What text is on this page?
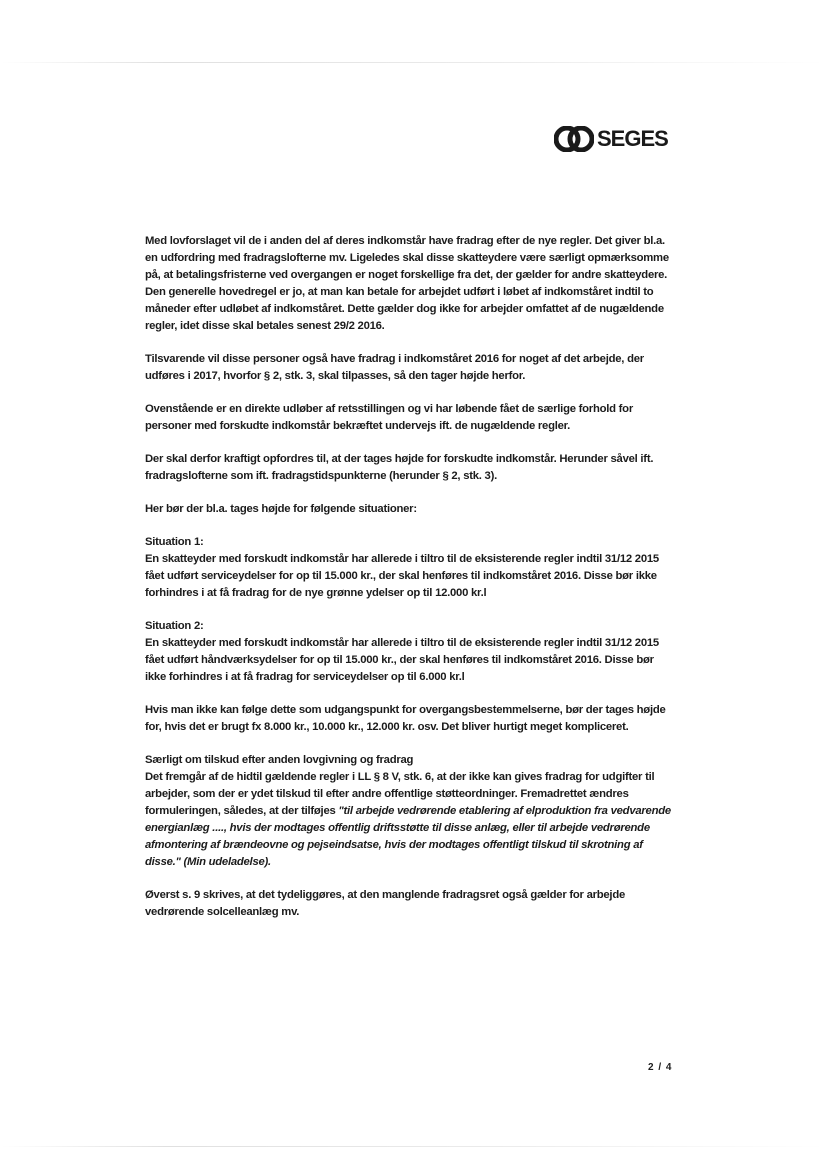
SEGES

Med lovforslaget vil de i anden del af deres indkomstår have fradrag efter de nye regler. Det giver bl.a. en udfordring med fradragslofterne mv. Ligeledes skal disse skatteydere være særligt opmærksomme på, at betalingsfristerne ved overgangen er noget forskellige fra det, der gælder for andre skatteydere. Den generelle hovedregel er jo, at man kan betale for arbejdet udført i løbet af indkomståret indtil to måneder efter udløbet af indkomståret. Dette gælder dog ikke for arbejder omfattet af de nugældende regler, idet disse skal betales senest 29/2 2016.

Tilsvarende vil disse personer også have fradrag i indkomståret 2016 for noget af det arbejde, der udføres i 2017, hvorfor § 2, stk. 3, skal tilpasses, så den tager højde herfor.

Ovenstående er en direkte udløber af retsstillingen og vi har løbende fået de særlige forhold for personer med forskudte indkomstår bekræftet undervejs ift. de nugældende regler.

Der skal derfor kraftigt opfordres til, at der tages højde for forskudte indkomstår. Herunder såvel ift. fradragslofterne som ift. fradragstidspunkterne (herunder § 2, stk. 3).

Her bør der bl.a. tages højde for følgende situationer:

Situation 1:
En skatteyder med forskudt indkomstår har allerede i tiltro til de eksisterende regler indtil 31/12 2015 fået udført serviceydelser for op til 15.000 kr., der skal henføres til indkomståret 2016. Disse bør ikke forhindres i at få fradrag for de nye grønne ydelser op til 12.000 kr.l

Situation 2:
En skatteyder med forskudt indkomstår har allerede i tiltro til de eksisterende regler indtil 31/12 2015 fået udført håndværksydelser for op til 15.000 kr., der skal henføres til indkomståret 2016. Disse bør ikke forhindres i at få fradrag for serviceydelser op til 6.000 kr.l

Hvis man ikke kan følge dette som udgangspunkt for overgangsbestemmelserne, bør der tages højde for, hvis det er brugt fx 8.000 kr., 10.000 kr., 12.000 kr. osv. Det bliver hurtigt meget kompliceret.

Særligt om tilskud efter anden lovgivning og fradrag
Det fremgår af de hidtil gældende regler i LL § 8 V, stk. 6, at der ikke kan gives fradrag for udgifter til arbejder, som der er ydet tilskud til efter andre offentlige støtteordninger. Fremadrettet ændres formuleringen, således, at der tilføjes "til arbejde vedrørende etablering af elproduktion fra vedvarende energianlæg ...., hvis der modtages offentlig driftsstøtte til disse anlæg, eller til arbejde vedrørende afmontering af brændeovne og pejseindsatse, hvis der modtages offentligt tilskud til skrotning af disse." (Min udeladelse).

Øverst s. 9 skrives, at det tydeliggøres, at den manglende fradragsret også gælder for arbejde vedrørende solcelleanlæg mv.

2 / 4
